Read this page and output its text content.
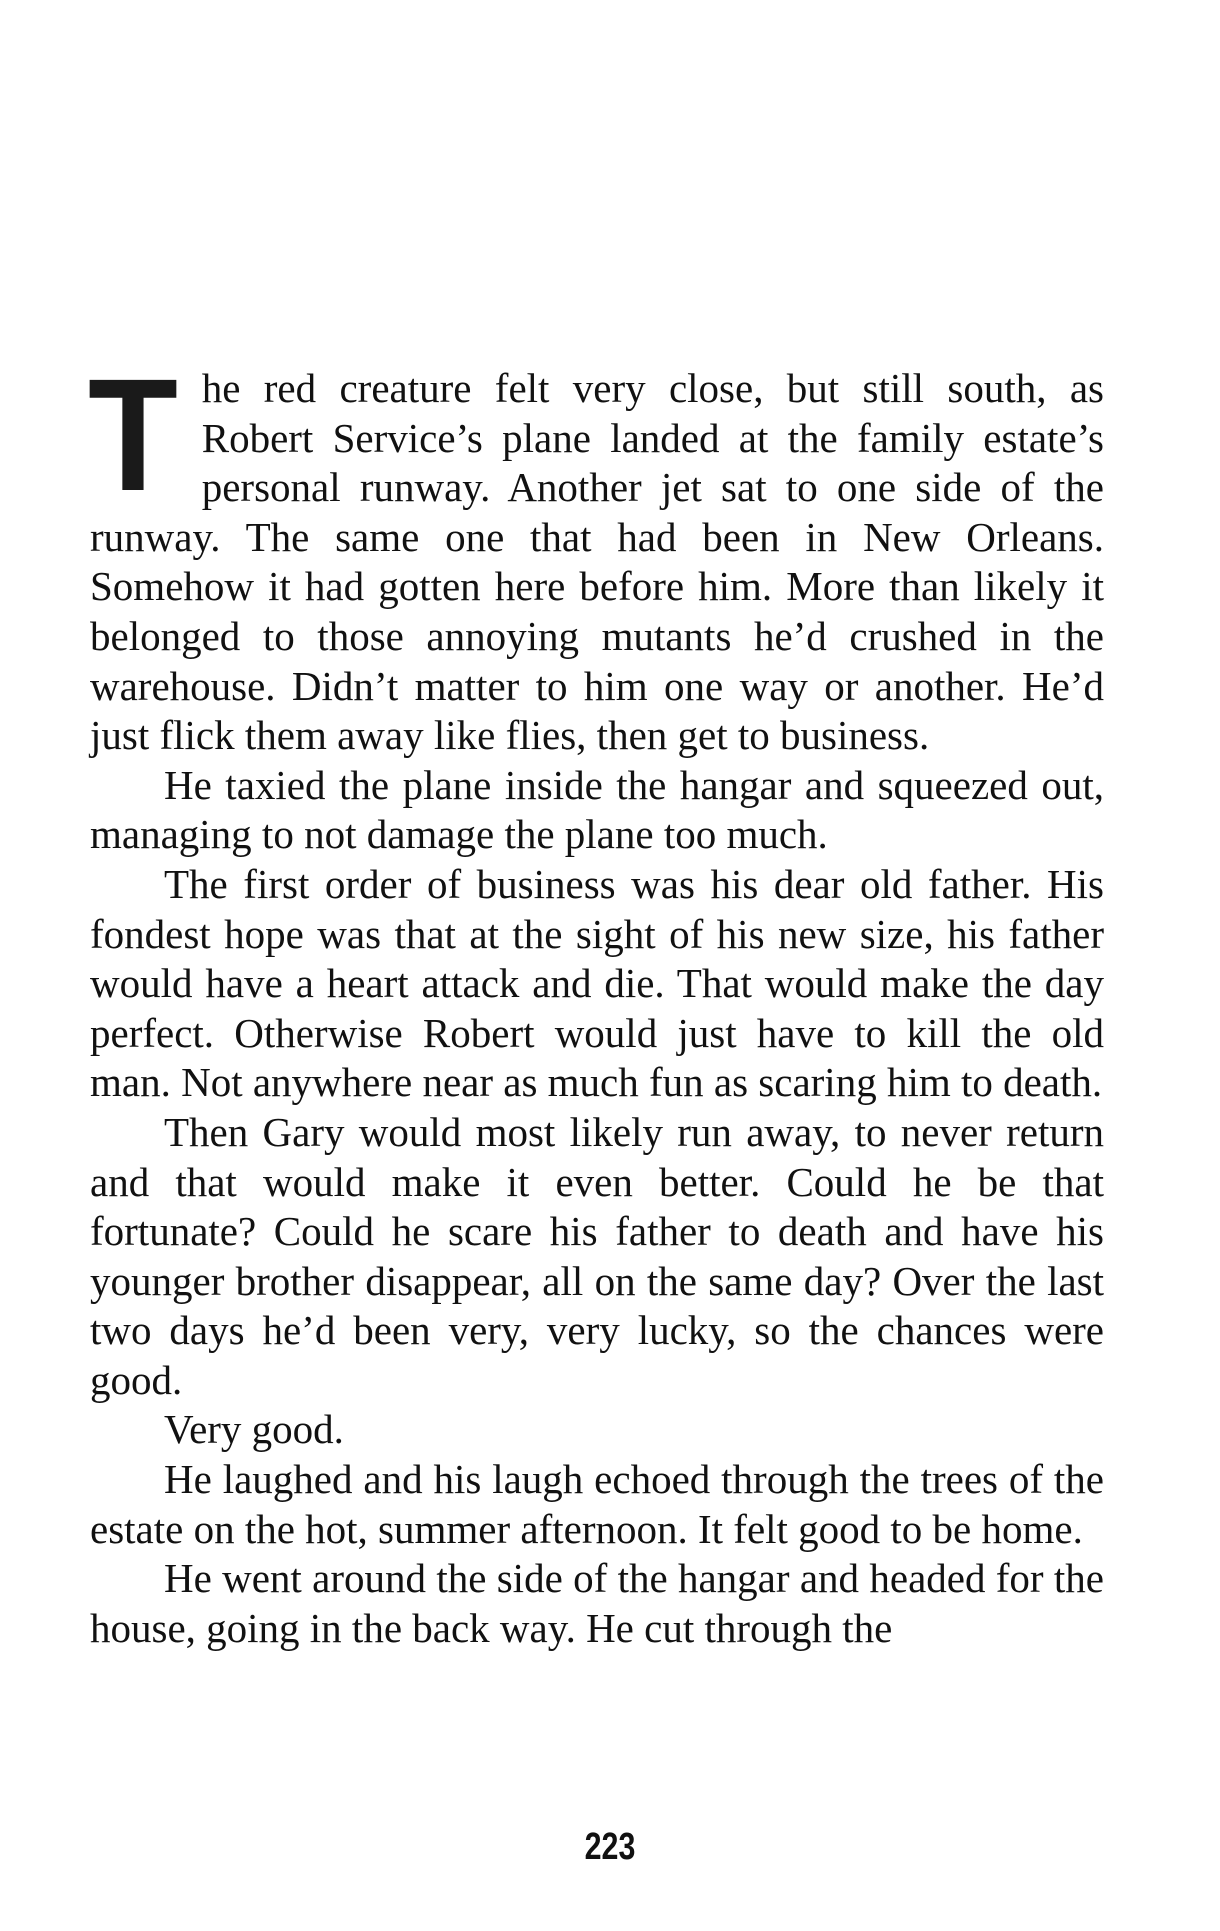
The red creature felt very close, but still south, as Robert Service’s plane landed at the family estate’s personal runway. Another jet sat to one side of the runway. The same one that had been in New Orleans. Somehow it had gotten here before him. More than likely it belonged to those annoying mutants he’d crushed in the warehouse. Didn’t matter to him one way or another. He’d just flick them away like flies, then get to business.

He taxied the plane inside the hangar and squeezed out, managing to not damage the plane too much.

The first order of business was his dear old father. His fondest hope was that at the sight of his new size, his father would have a heart attack and die. That would make the day perfect. Otherwise Robert would just have to kill the old man. Not anywhere near as much fun as scaring him to death.

Then Gary would most likely run away, to never return and that would make it even better. Could he be that fortunate? Could he scare his father to death and have his younger brother disappear, all on the same day? Over the last two days he’d been very, very lucky, so the chances were good.

Very good.

He laughed and his laugh echoed through the trees of the estate on the hot, summer afternoon. It felt good to be home.

He went around the side of the hangar and headed for the house, going in the back way. He cut through the

223
